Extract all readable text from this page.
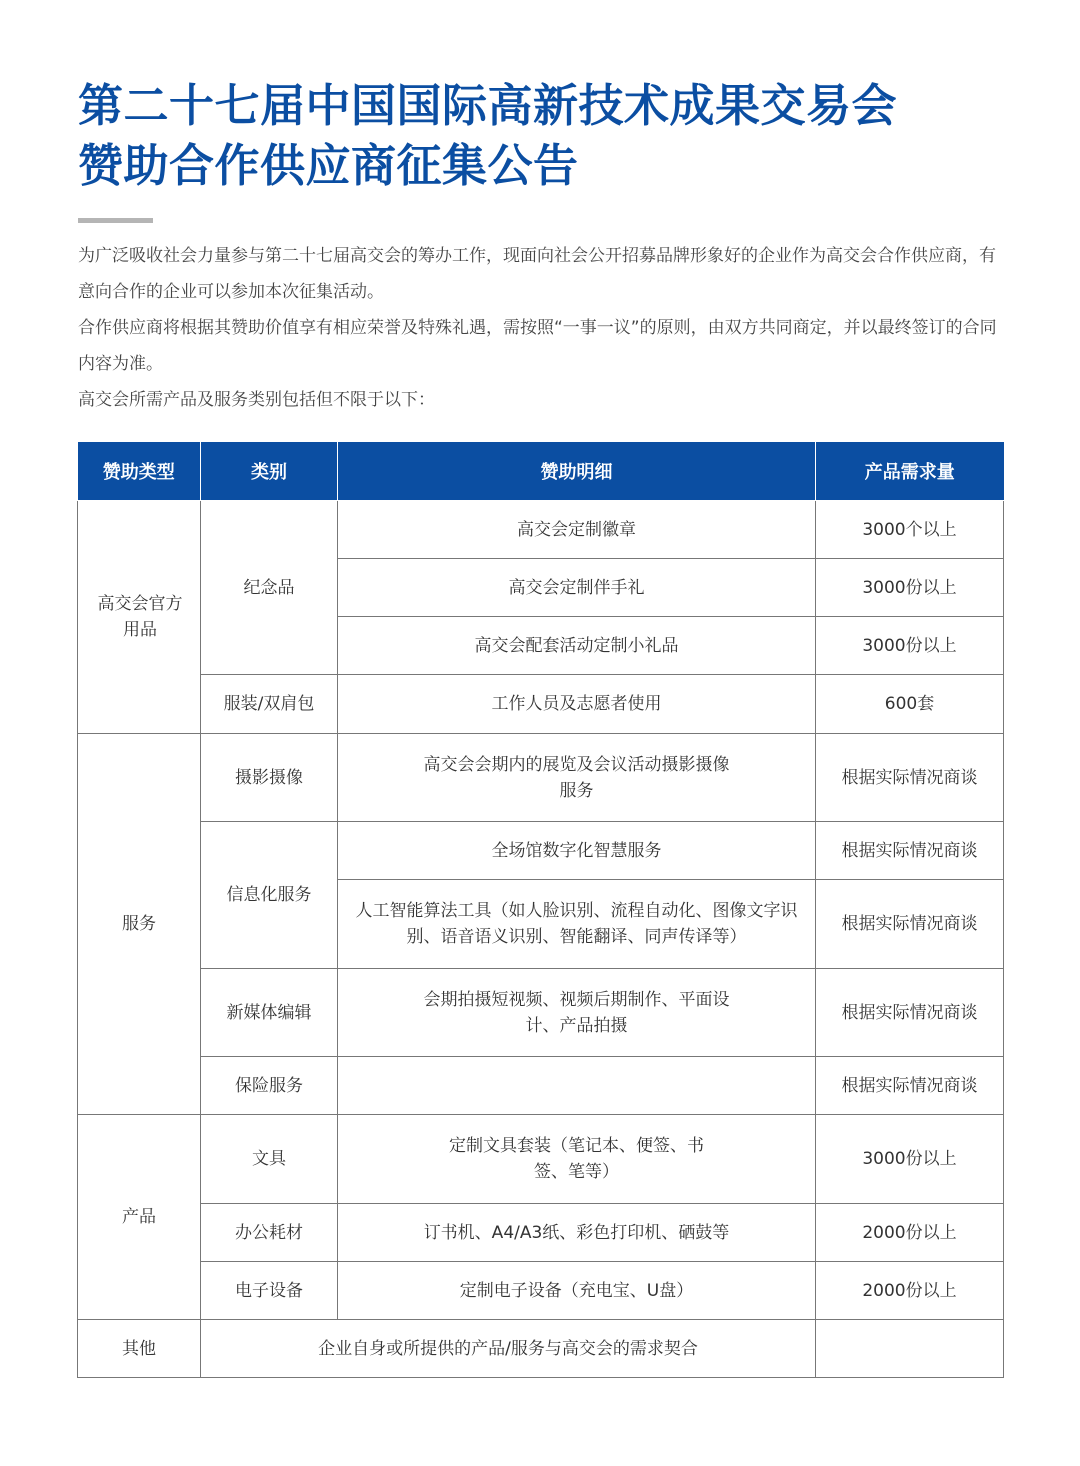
第二十七届中国国际高新技术成果交易会
赞助合作供应商征集公告

为广泛吸收社会力量参与第二十七届高交会的筹办工作，现面向社会公开招募品牌形象好的企业作为高交会合作供应商，有意向合作的企业可以参加本次征集活动。

合作供应商将根据其赞助价值享有相应荣誉及特殊礼遇，需按照“一事一议”的原则，由双方共同商定，并以最终签订的合同内容为准。

高交会所需产品及服务类别包括但不限于以下：

赞助类型	类别	赞助明细	产品需求量
高交会官方用品	纪念品	高交会定制徽章	3000个以上
		高交会定制伴手礼	3000份以上
		高交会配套活动定制小礼品	3000份以上
	服装/双肩包	工作人员及志愿者使用	600套
服务	摄影摄像	高交会会期内的展览及会议活动摄影摄像服务	根据实际情况商谈
	信息化服务	全场馆数字化智慧服务	根据实际情况商谈
		人工智能算法工具（如人脸识别、流程自动化、图像文字识别、语音语义识别、智能翻译、同声传译等）	根据实际情况商谈
	新媒体编辑	会期拍摄短视频、视频后期制作、平面设计、产品拍摄	根据实际情况商谈
	保险服务		根据实际情况商谈
产品	文具	定制文具套装（笔记本、便签、书签、笔等）	3000份以上
	办公耗材	订书机、A4/A3纸、彩色打印机、硒鼓等	2000份以上
	电子设备	定制电子设备（充电宝、U盘）	2000份以上
其他	企业自身或所提供的产品/服务与高交会的需求契合		
